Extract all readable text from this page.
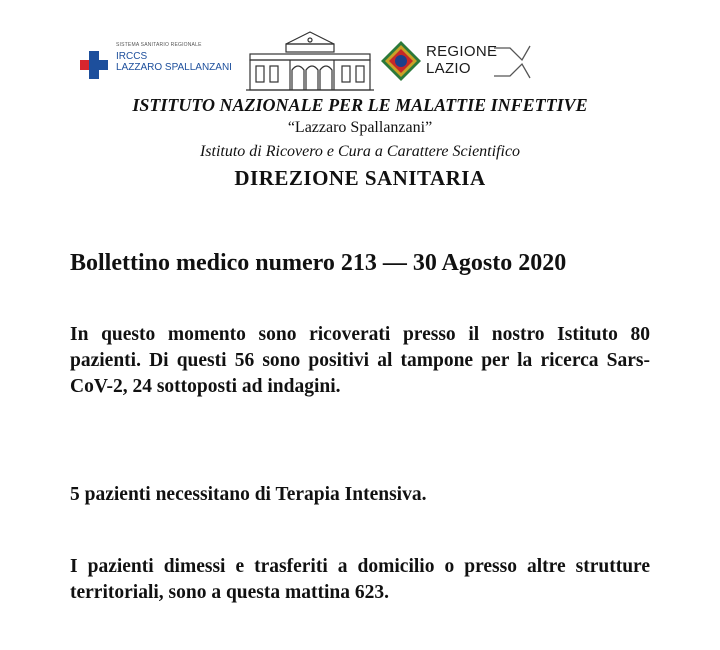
SISTEMA SANITARIO REGIONALE
IRCCS
LAZZARO SPALLANZANI
REGIONE
LAZIO
ISTITUTO NAZIONALE PER LE MALATTIE INFETTIVE
“Lazzaro Spallanzani”
Istituto di Ricovero e Cura a Carattere Scientifico
DIREZIONE SANITARIA
Bollettino medico numero 213 — 30 Agosto 2020
In questo momento sono ricoverati presso il nostro Istituto 80 pazienti. Di questi 56 sono positivi al tampone per la ricerca Sars-CoV-2, 24 sottoposti ad indagini.
5 pazienti necessitano di Terapia Intensiva.
I pazienti dimessi e trasferiti a domicilio o presso altre strutture territoriali, sono a questa mattina 623.
